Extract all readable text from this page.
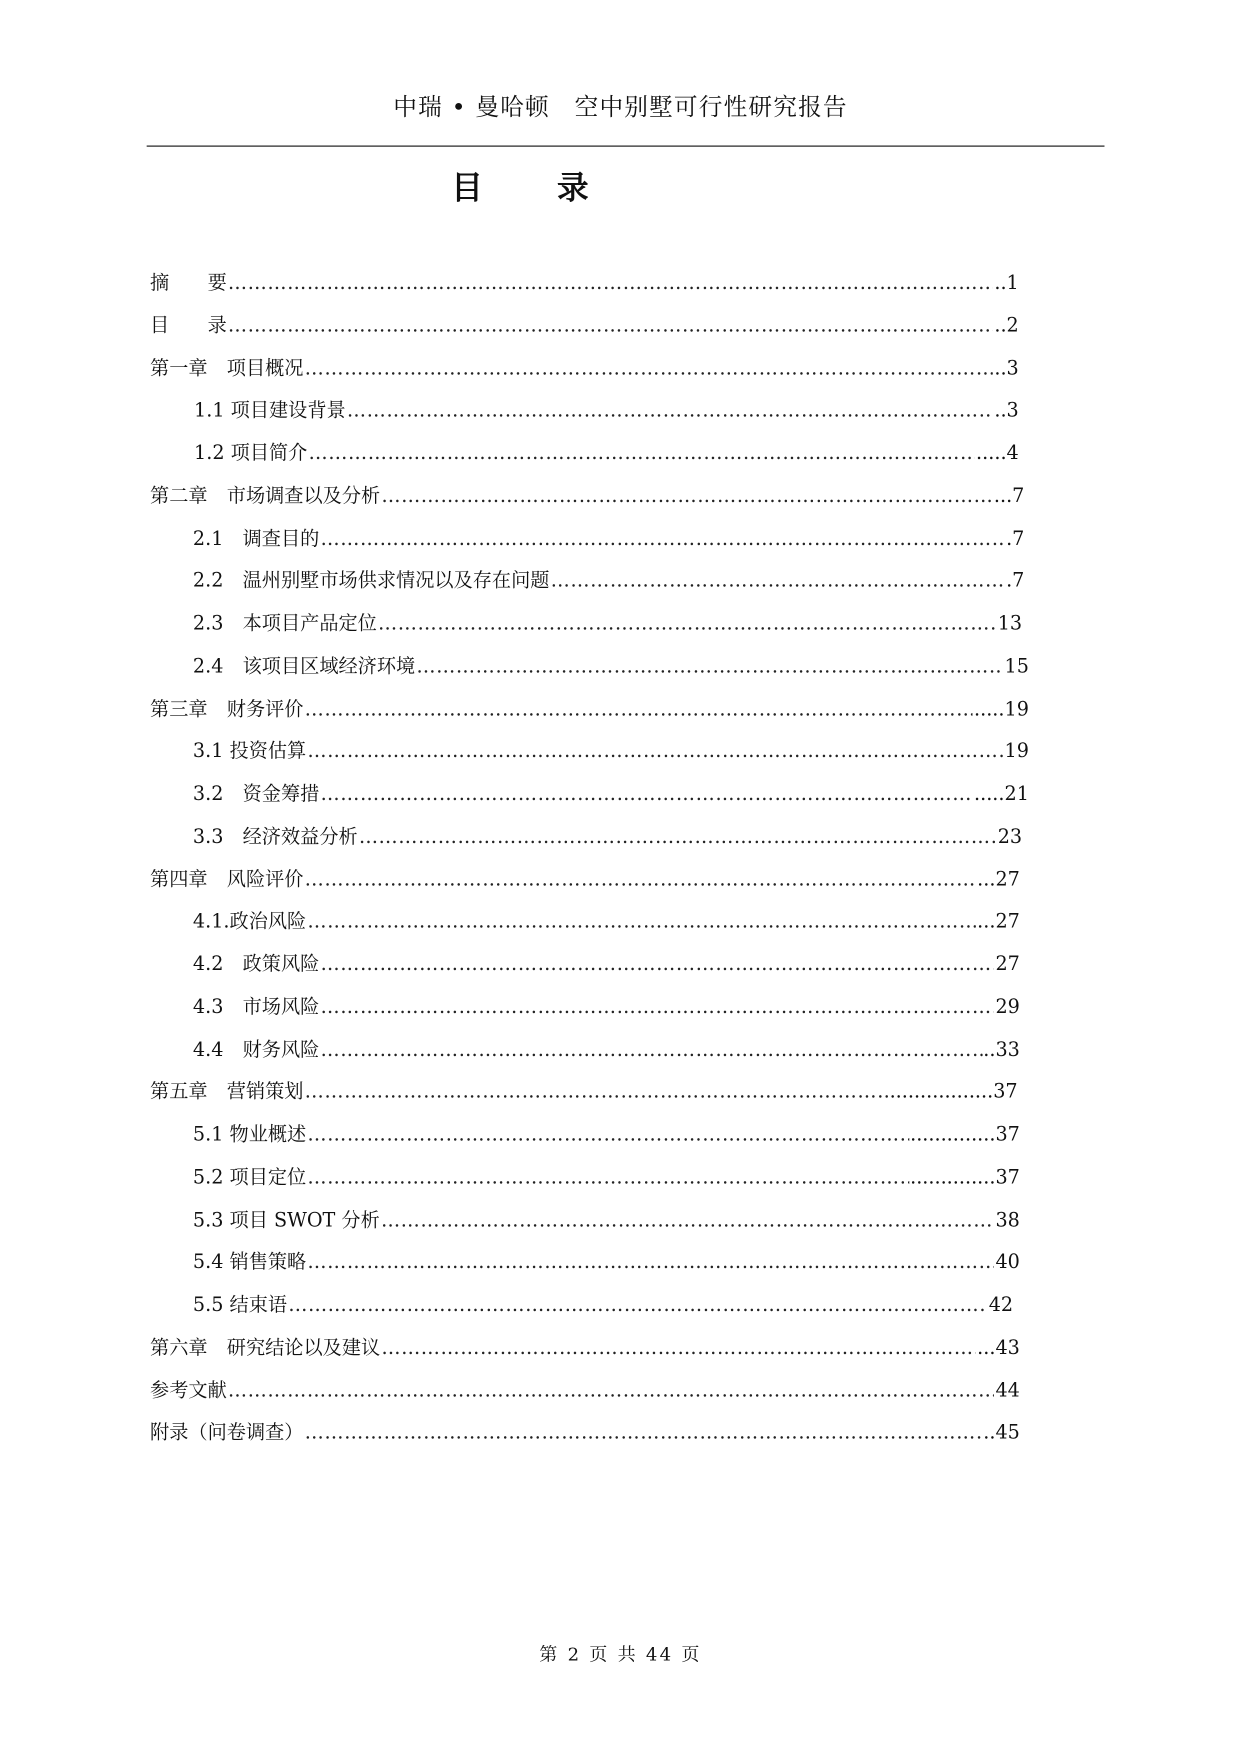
中瑞 • 曼哈顿　空中别墅可行性研究报告
目 录
摘　　要 ……………………………………………………………………………………………………………………………………………………………………………………………………	..1
目　　录 ……………………………………………………………………………………………………………………………………………………………………………………………………	..2
第一章　项目概况 ……………………………………………………………………………………………………………………………………………………………………………………………………	..3
1.1 项目建设背景 ……………………………………………………………………………………………………………………………………………………………………………………………………	..3
1.2 项目简介 ……………………………………………………………………………………………………………………………………………………………………………………………………	.....4
第二章　市场调查以及分析 ……………………………………………………………………………………………………………………………………………………………………………………………………	...7
2.1　调查目的 ……………………………………………………………………………………………………………………………………………………………………………………………………	.7
2.2　温州别墅市场供求情况以及存在问题 ……………………………………………………………………………………………………………………………………………………………………………………………………	.7
2.3　本项目产品定位 ……………………………………………………………………………………………………………………………………………………………………………………………………	13
2.4　该项目区域经济环境 ……………………………………………………………………………………………………………………………………………………………………………………………………	15
第三章　财务评价 ……………………………………………………………………………………………………………………………………………………………………………………………………	.....19
3.1 投资估算 ……………………………………………………………………………………………………………………………………………………………………………………………………	19
3.2　资金筹措 ……………………………………………………………………………………………………………………………………………………………………………………………………	.....21
3.3　经济效益分析 ……………………………………………………………………………………………………………………………………………………………………………………………………	23
第四章　风险评价 ……………………………………………………………………………………………………………………………………………………………………………………………………	...27
4.1.政治风险 ……………………………………………………………………………………………………………………………………………………………………………………………………	...27
4.2　政策风险 ……………………………………………………………………………………………………………………………………………………………………………………………………	27
4.3　市场风险 ……………………………………………………………………………………………………………………………………………………………………………………………………	29
4.4　财务风险 ……………………………………………………………………………………………………………………………………………………………………………………………………	..33
第五章　营销策划 ……………………………………………………………………………………………………………………………………………………………………………………………………	.................37
5.1 物业概述 ……………………………………………………………………………………………………………………………………………………………………………………………………	..............37
5.2 项目定位 ……………………………………………………………………………………………………………………………………………………………………………………………………	..............37
5.3 项目 SWOT 分析 ……………………………………………………………………………………………………………………………………………………………………………………………………	38
5.4 销售策略 ……………………………………………………………………………………………………………………………………………………………………………………………………	40
5.5 结束语 ……………………………………………………………………………………………………………………………………………………………………………………………………	42
第六章　研究结论以及建议 ……………………………………………………………………………………………………………………………………………………………………………………………………	...43
参考文献 ……………………………………………………………………………………………………………………………………………………………………………………………………	44
附录（问卷调查） ……………………………………………………………………………………………………………………………………………………………………………………………………	..45
第 2 页 共 44 页
